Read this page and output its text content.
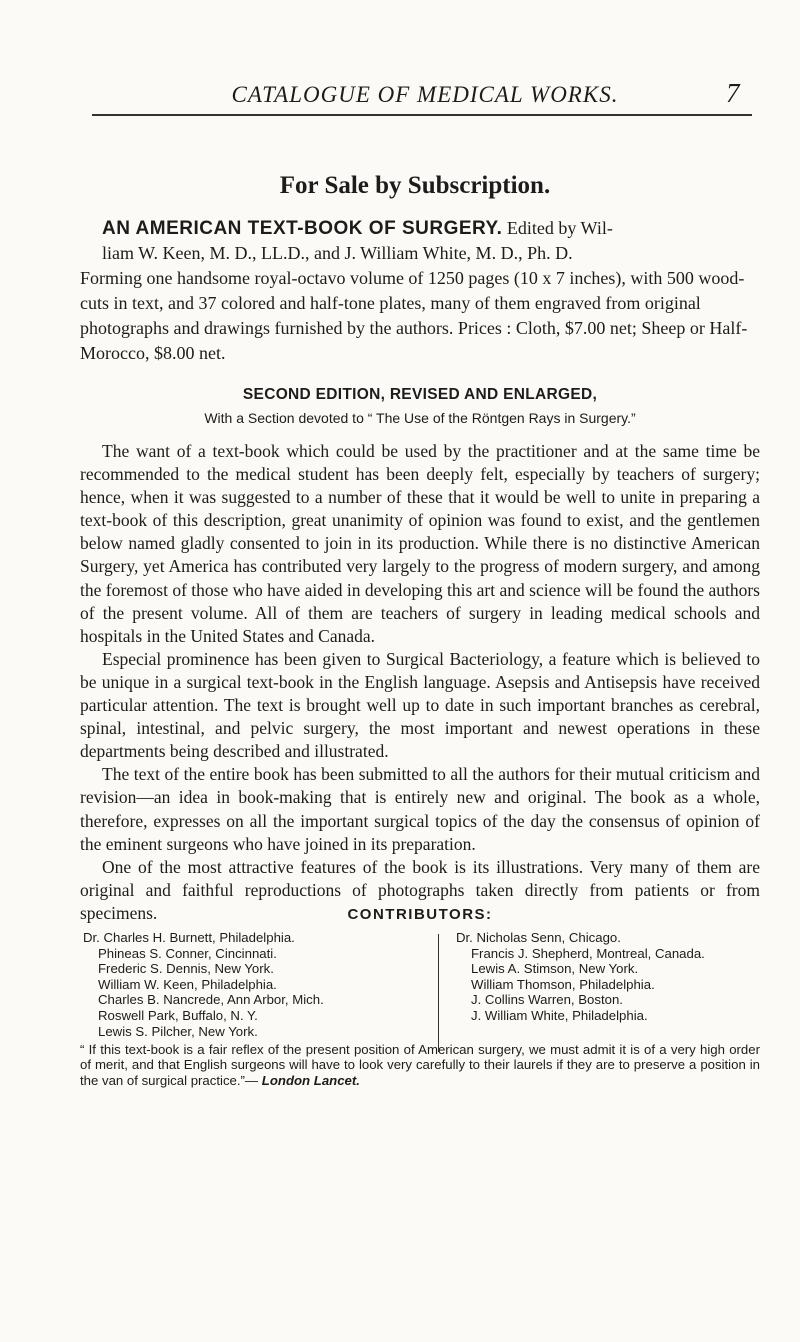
CATALOGUE OF MEDICAL WORKS.	7
For Sale by Subscription.

AN AMERICAN TEXT-BOOK OF SURGERY. Edited by Wil-

liam W. Keen, M. D., LL.D., and J. William White, M. D., Ph. D.

Forming one handsome royal-octavo volume of 1250 pages (10 x 7 inches), with 500 wood-cuts in text, and 37 colored and half-tone plates, many of them engraved from original photographs and drawings furnished by the authors. Prices : Cloth, $7.00 net; Sheep or Half-Morocco, $8.00 net.

SECOND EDITION, REVISED AND ENLARGED,
With a Section devoted to “ The Use of the Röntgen Rays in Surgery.”

The want of a text-book which could be used by the practitioner and at the same time be recommended to the medical student has been deeply felt, especially by teachers of surgery; hence, when it was suggested to a number of these that it would be well to unite in preparing a text-book of this description, great unanimity of opinion was found to exist, and the gentlemen below named gladly consented to join in its production. While there is no distinctive American Surgery, yet America has contributed very largely to the progress of modern surgery, and among the foremost of those who have aided in developing this art and science will be found the authors of the present volume. All of them are teachers of surgery in leading medical schools and hospitals in the United States and Canada.

Especial prominence has been given to Surgical Bacteriology, a feature which is believed to be unique in a surgical text-book in the English language. Asepsis and Antisepsis have received particular attention. The text is brought well up to date in such important branches as cerebral, spinal, intestinal, and pelvic surgery, the most important and newest operations in these departments being described and illustrated.

The text of the entire book has been submitted to all the authors for their mutual criticism and revision—an idea in book-making that is entirely new and original. The book as a whole, therefore, expresses on all the important surgical topics of the day the consensus of opinion of the eminent surgeons who have joined in its preparation.

One of the most attractive features of the book is its illustrations. Very many of them are original and faithful reproductions of photographs taken directly from patients or from specimens.	CONTRIBUTORS:
Dr. Charles H. Burnett, Philadelphia.
Phineas S. Conner, Cincinnati.
Frederic S. Dennis, New York.
William W. Keen, Philadelphia.
Charles B. Nancrede, Ann Arbor, Mich.
Roswell Park, Buffalo, N. Y.
Lewis S. Pilcher, New York.
Dr. Nicholas Senn, Chicago.
Francis J. Shepherd, Montreal, Canada.
Lewis A. Stimson, New York.
William Thomson, Philadelphia.
J. Collins Warren, Boston.
J. William White, Philadelphia.
“ If this text-book is a fair reflex of the present position of American surgery, we must admit it is of a very high order of merit, and that English surgeons will have to look very carefully to their laurels if they are to preserve a position in the van of surgical practice.”— London Lancet.
